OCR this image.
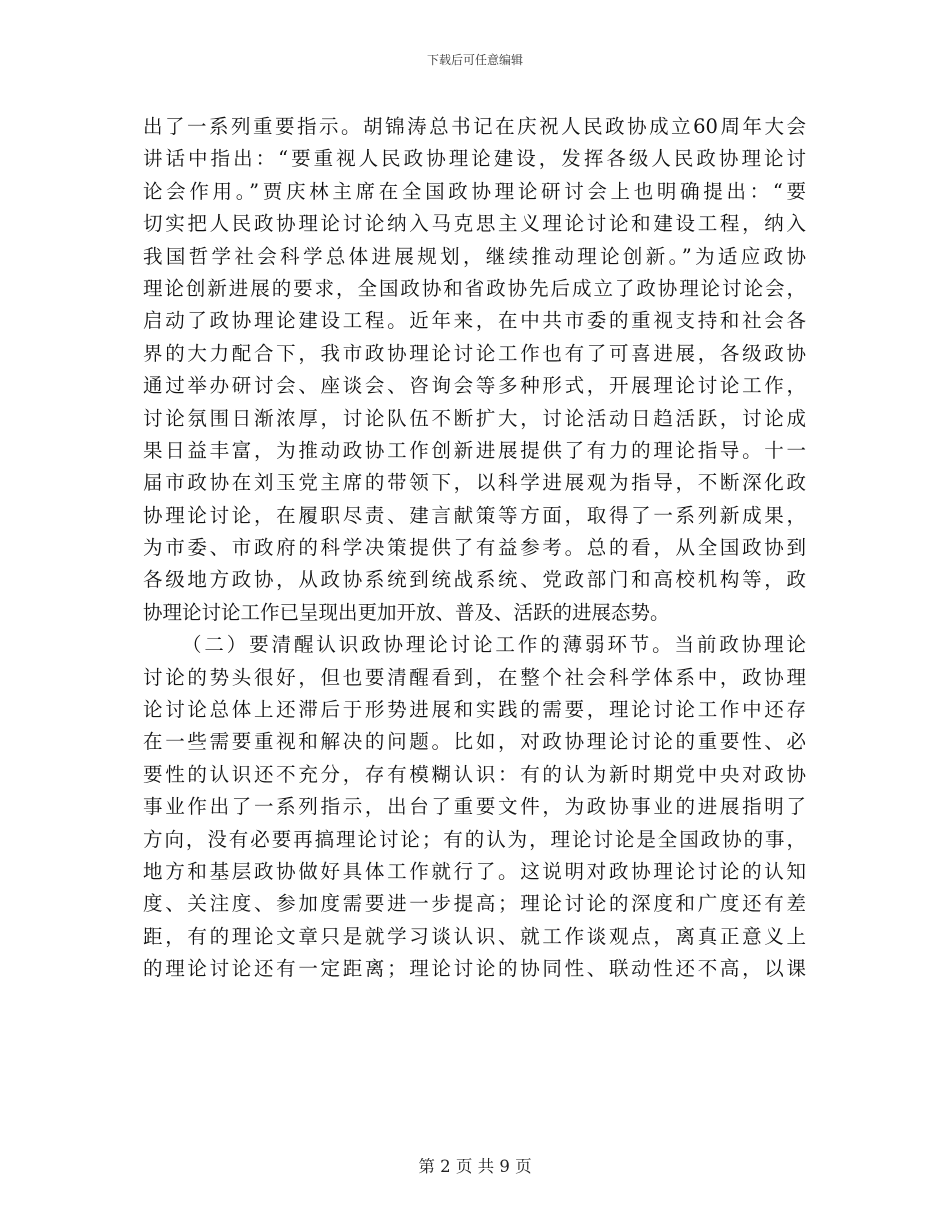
下载后可任意编辑
出了一系列重要指示。胡锦涛总书记在庆祝人民政协成立60周年大会
讲话中指出：“要重视人民政协理论建设，发挥各级人民政协理论讨
论会作用。”贾庆林主席在全国政协理论研讨会上也明确提出：“要
切实把人民政协理论讨论纳入马克思主义理论讨论和建设工程，纳入
我国哲学社会科学总体进展规划，继续推动理论创新。”为适应政协
理论创新进展的要求，全国政协和省政协先后成立了政协理论讨论会，
启动了政协理论建设工程。近年来，在中共市委的重视支持和社会各
界的大力配合下，我市政协理论讨论工作也有了可喜进展，各级政协
通过举办研讨会、座谈会、咨询会等多种形式，开展理论讨论工作，
讨论氛围日渐浓厚，讨论队伍不断扩大，讨论活动日趋活跃，讨论成
果日益丰富，为推动政协工作创新进展提供了有力的理论指导。十一
届市政协在刘玉党主席的带领下，以科学进展观为指导，不断深化政
协理论讨论，在履职尽责、建言献策等方面，取得了一系列新成果，
为市委、市政府的科学决策提供了有益参考。总的看，从全国政协到
各级地方政协，从政协系统到统战系统、党政部门和高校机构等，政
协理论讨论工作已呈现出更加开放、普及、活跃的进展态势。
（二）要清醒认识政协理论讨论工作的薄弱环节。当前政协理论
讨论的势头很好，但也要清醒看到，在整个社会科学体系中，政协理
论讨论总体上还滞后于形势进展和实践的需要，理论讨论工作中还存
在一些需要重视和解决的问题。比如，对政协理论讨论的重要性、必
要性的认识还不充分，存有模糊认识：有的认为新时期党中央对政协
事业作出了一系列指示，出台了重要文件，为政协事业的进展指明了
方向，没有必要再搞理论讨论；有的认为，理论讨论是全国政协的事，
地方和基层政协做好具体工作就行了。这说明对政协理论讨论的认知
度、关注度、参加度需要进一步提高；理论讨论的深度和广度还有差
距，有的理论文章只是就学习谈认识、就工作谈观点，离真正意义上
的理论讨论还有一定距离；理论讨论的协同性、联动性还不高，以课
第 2 页 共 9 页
